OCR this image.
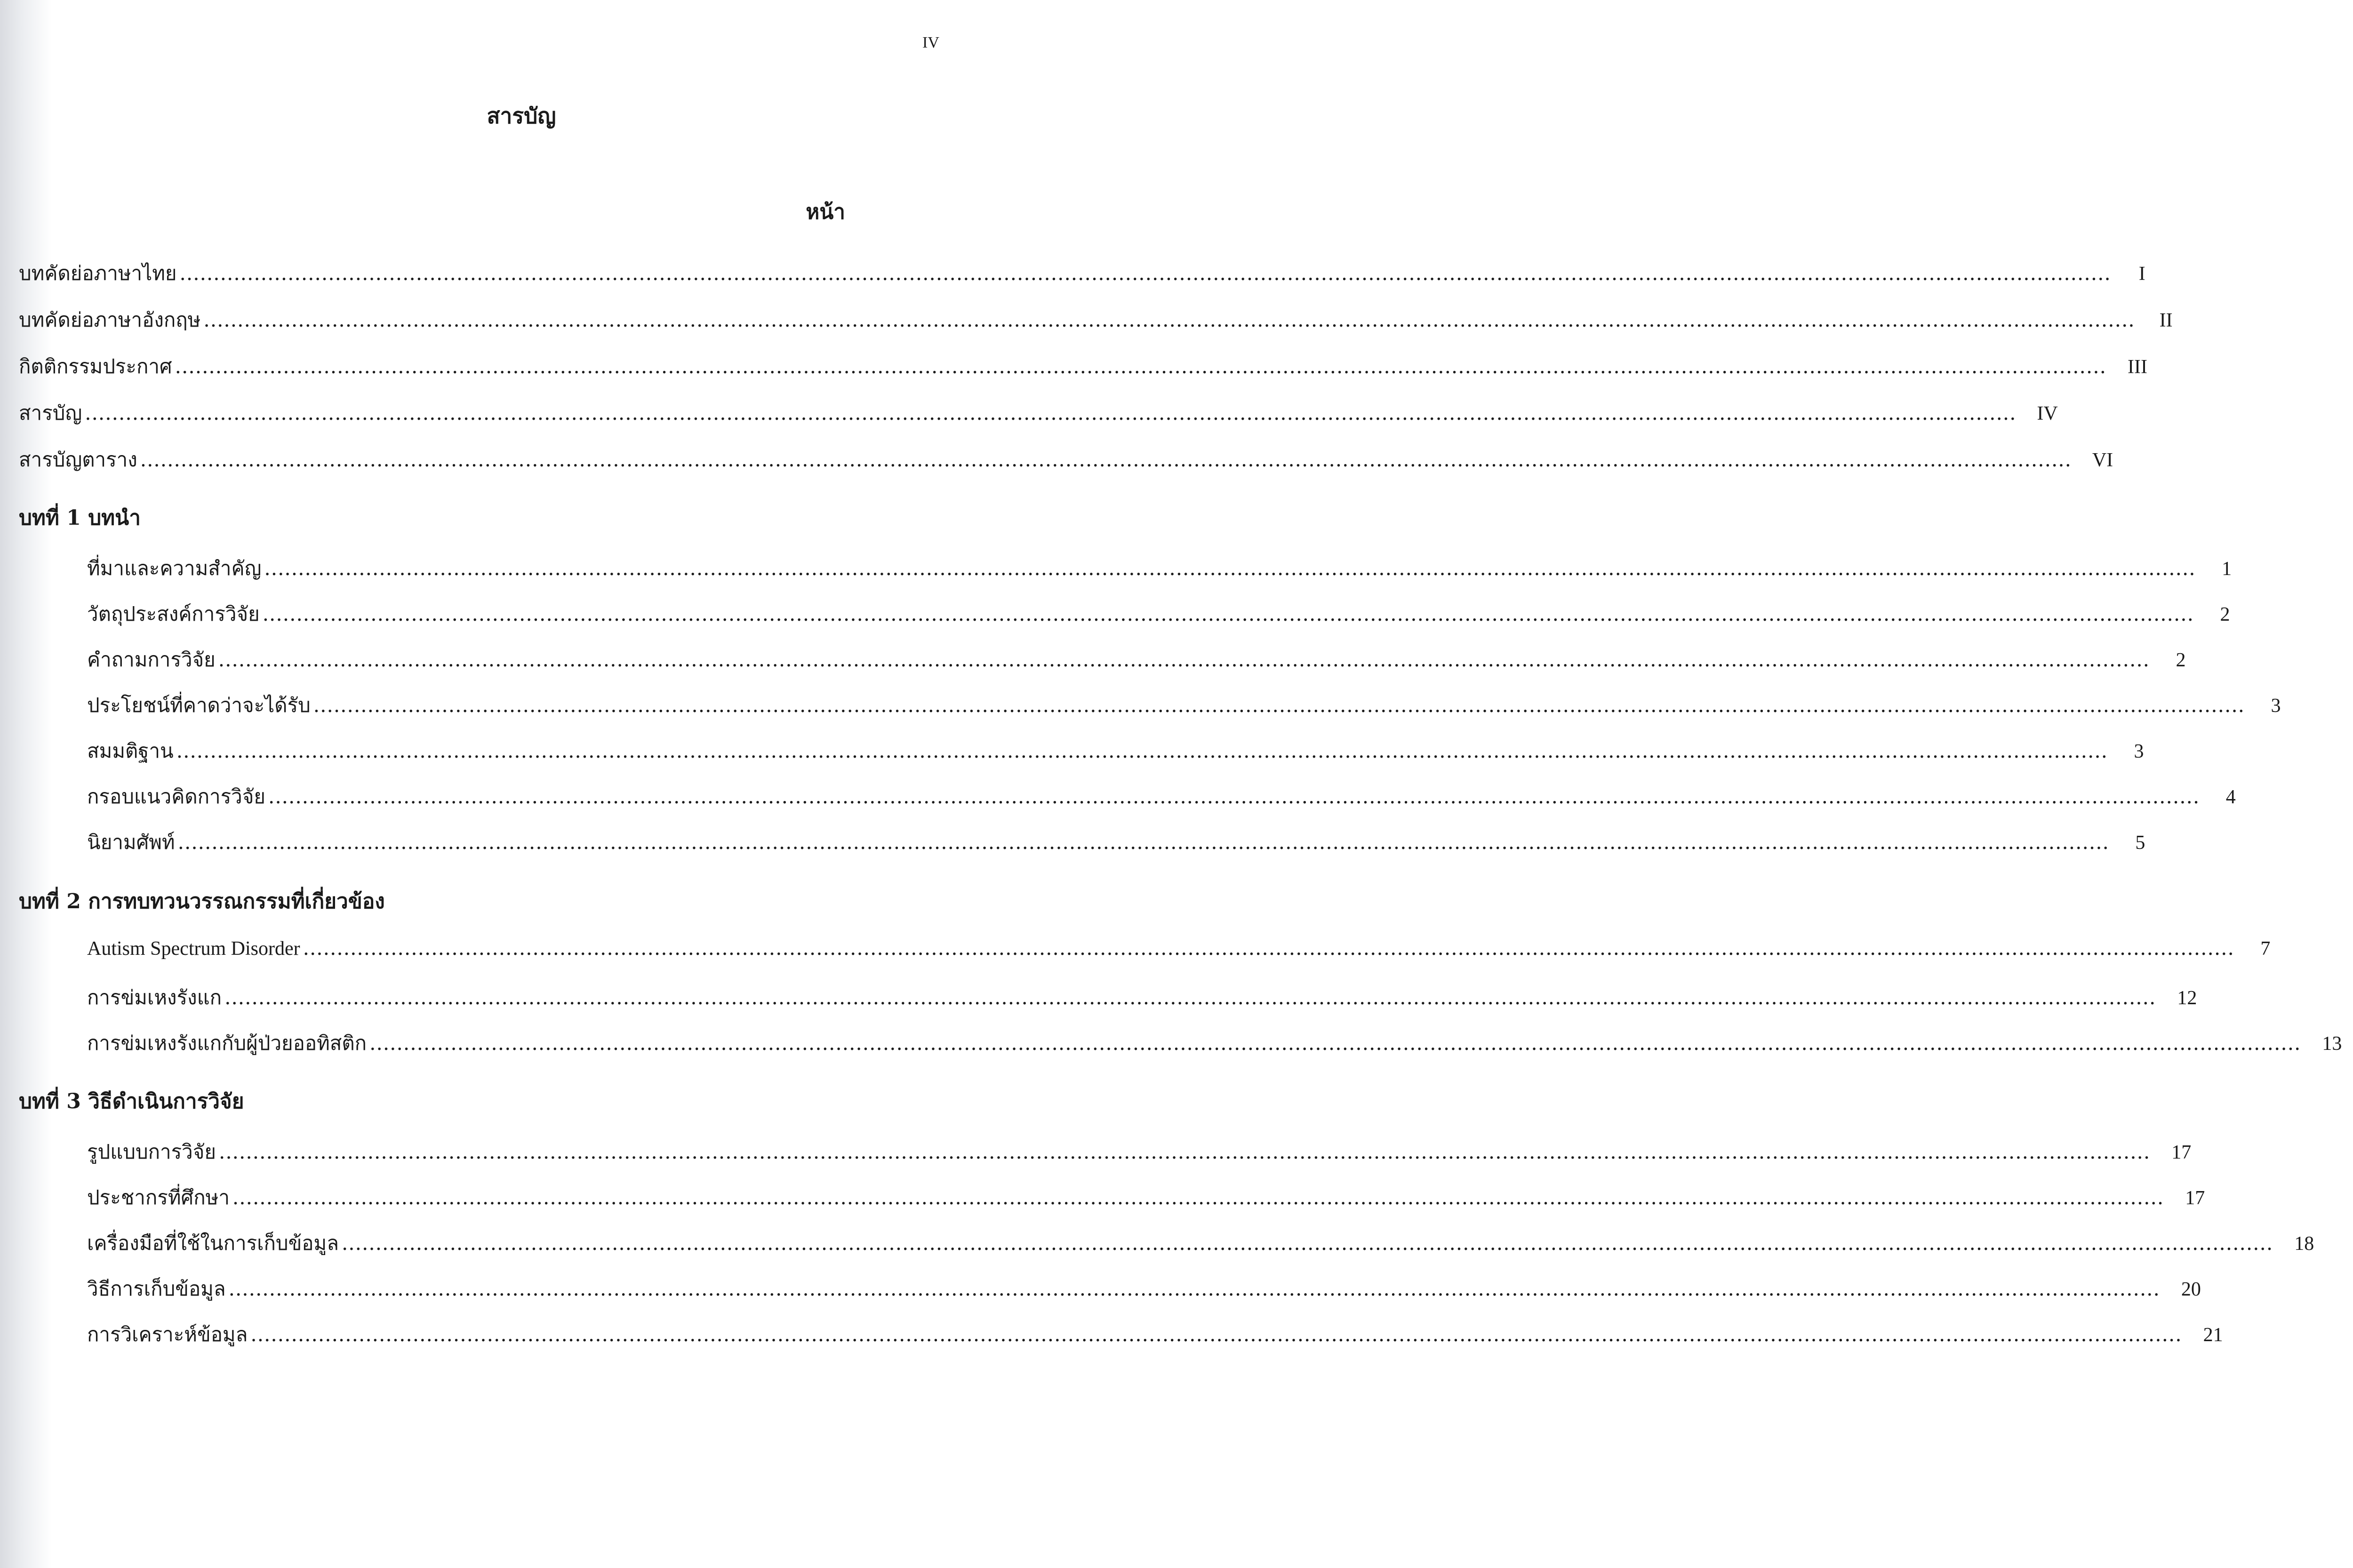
IV
สารบัญ
หน้า
บทคัดย่อภาษาไทย ..............................................................................................................................................................................................................................................................................................	I
บทคัดย่อภาษาอังกฤษ ..............................................................................................................................................................................................................................................................................................	II
กิตติกรรมประกาศ ..............................................................................................................................................................................................................................................................................................	III
สารบัญ ..............................................................................................................................................................................................................................................................................................	IV
สารบัญตาราง ..............................................................................................................................................................................................................................................................................................	VI
บทที่ 1 บทนำ
ที่มาและความสำคัญ ..............................................................................................................................................................................................................................................................................................	1
วัตถุประสงค์การวิจัย ..............................................................................................................................................................................................................................................................................................	2
คำถามการวิจัย ..............................................................................................................................................................................................................................................................................................	2
ประโยชน์ที่คาดว่าจะได้รับ ..............................................................................................................................................................................................................................................................................................	3
สมมติฐาน ..............................................................................................................................................................................................................................................................................................	3
กรอบแนวคิดการวิจัย ..............................................................................................................................................................................................................................................................................................	4
นิยามศัพท์ ..............................................................................................................................................................................................................................................................................................	5
บทที่ 2 การทบทวนวรรณกรรมที่เกี่ยวข้อง
Autism Spectrum Disorder ..............................................................................................................................................................................................................................................................................................	7
การข่มเหงรังแก ..............................................................................................................................................................................................................................................................................................	12
การข่มเหงรังแกกับผู้ป่วยออทิสติก ..............................................................................................................................................................................................................................................................................................	13
บทที่ 3 วิธีดำเนินการวิจัย
รูปแบบการวิจัย ..............................................................................................................................................................................................................................................................................................	17
ประชากรที่ศึกษา ..............................................................................................................................................................................................................................................................................................	17
เครื่องมือที่ใช้ในการเก็บข้อมูล ..............................................................................................................................................................................................................................................................................................	18
วิธีการเก็บข้อมูล ..............................................................................................................................................................................................................................................................................................	20
การวิเคราะห์ข้อมูล ..............................................................................................................................................................................................................................................................................................	21
